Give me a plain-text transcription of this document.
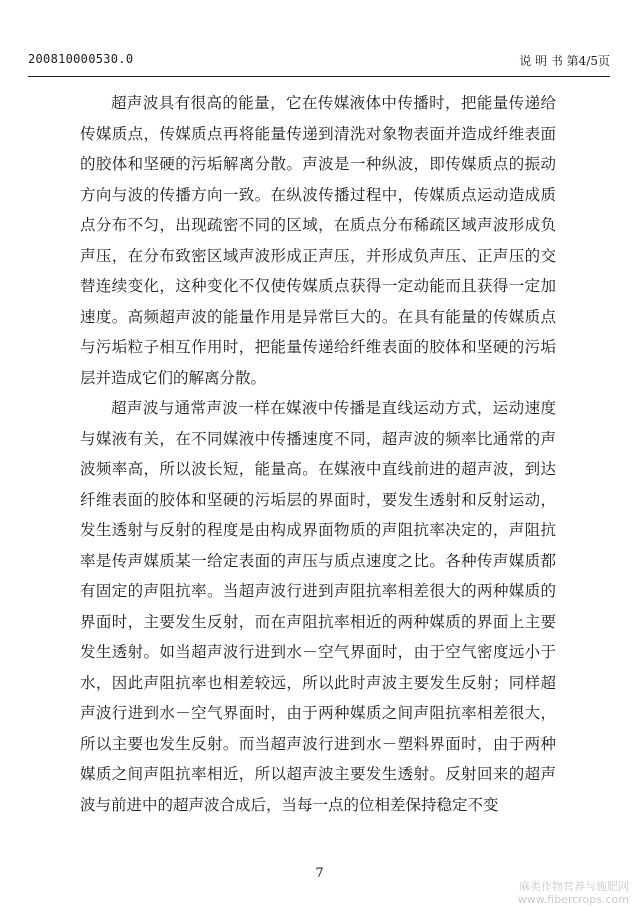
200810000530.0	说 明 书 第4/5页

超声波具有很高的能量，它在传媒液体中传播时，把能量传递给传媒质点，传媒质点再将能量传递到清洗对象物表面并造成纤维表面的胶体和坚硬的污垢解离分散。声波是一种纵波，即传媒质点的振动方向与波的传播方向一致。在纵波传播过程中，传媒质点运动造成质点分布不匀，出现疏密不同的区域，在质点分布稀疏区域声波形成负声压，在分布致密区域声波形成正声压，并形成负声压、正声压的交替连续变化，这种变化不仅使传媒质点获得一定动能而且获得一定加速度。高频超声波的能量作用是异常巨大的。在具有能量的传媒质点与污垢粒子相互作用时，把能量传递给纤维表面的胶体和坚硬的污垢层并造成它们的解离分散。

超声波与通常声波一样在媒液中传播是直线运动方式，运动速度与媒液有关，在不同媒液中传播速度不同，超声波的频率比通常的声波频率高，所以波长短，能量高。在媒液中直线前进的超声波，到达纤维表面的胶体和坚硬的污垢层的界面时，要发生透射和反射运动，发生透射与反射的程度是由构成界面物质的声阻抗率决定的，声阻抗率是传声媒质某一给定表面的声压与质点速度之比。各种传声媒质都有固定的声阻抗率。当超声波行进到声阻抗率相差很大的两种媒质的界面时，主要发生反射，而在声阻抗率相近的两种媒质的界面上主要发生透射。如当超声波行进到水－空气界面时，由于空气密度远小于水，因此声阻抗率也相差较远，所以此时声波主要发生反射；同样超声波行进到水－空气界面时，由于两种媒质之间声阻抗率相差很大，所以主要也发生反射。而当超声波行进到水－塑料界面时，由于两种媒质之间声阻抗率相近，所以超声波主要发生透射。反射回来的超声波与前进中的超声波合成后，当每一点的位相差保持稳定不变

7
麻类作物营养与施肥网
www.fibercrops.com
